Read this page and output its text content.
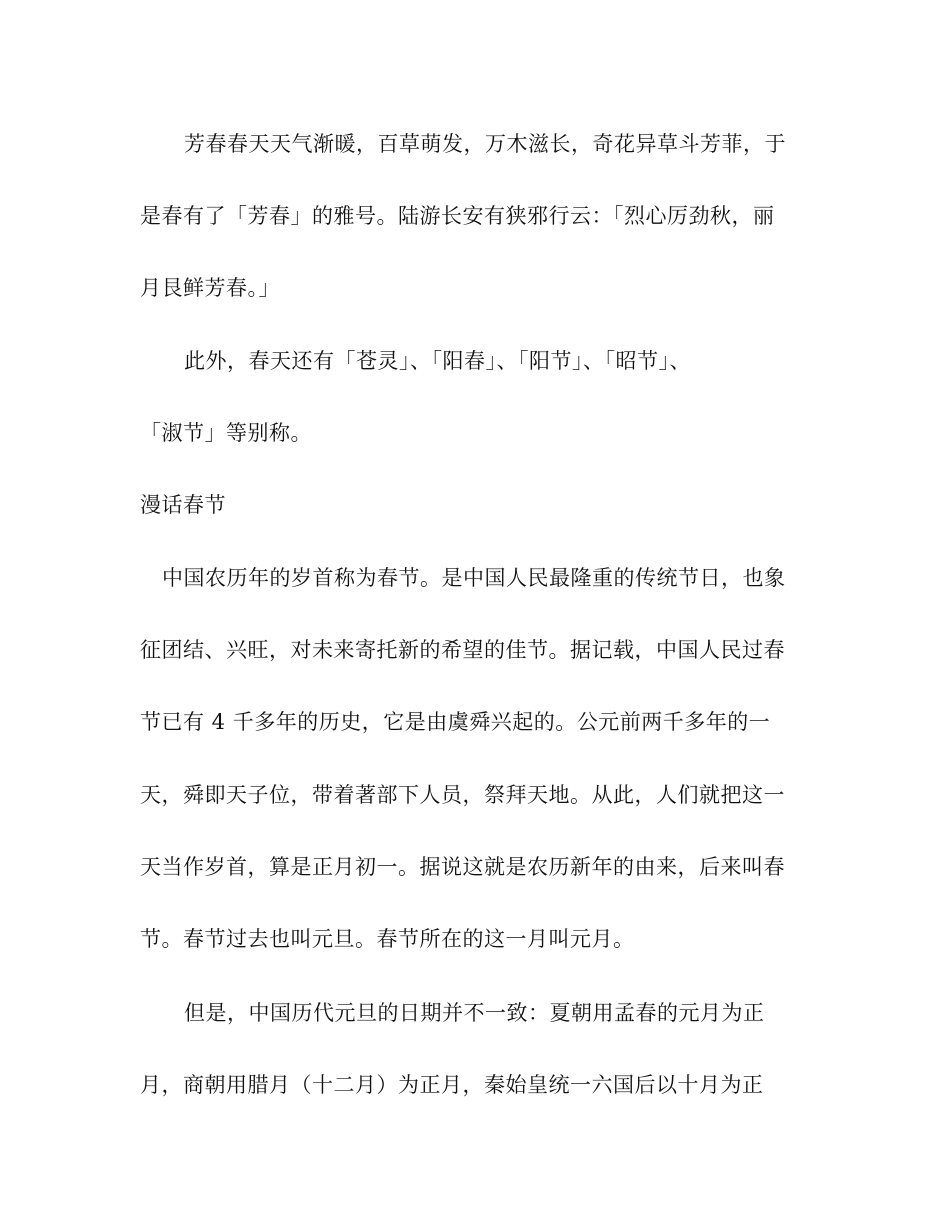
芳春春天天气渐暖，百草萌发，万木滋长，奇花异草斗芳菲，于
是春有了「芳春」的雅号。陆游长安有狭邪行云：「烈心厉劲秋，丽
月艮鲜芳春。」
此外，春天还有「苍灵」、「阳春」、「阳节」、「昭节」、
「淑节」等别称。
漫话春节
中国农历年的岁首称为春节。是中国人民最隆重的传统节日，也象
征团结、兴旺，对未来寄托新的希望的佳节。据记载，中国人民过春
节已有 4 千多年的历史，它是由虞舜兴起的。公元前两千多年的一
天，舜即天子位，带着著部下人员，祭拜天地。从此，人们就把这一
天当作岁首，算是正月初一。据说这就是农历新年的由来，后来叫春
节。春节过去也叫元旦。春节所在的这一月叫元月。
但是，中国历代元旦的日期并不一致：夏朝用孟春的元月为正
月，商朝用腊月（十二月）为正月，秦始皇统一六国后以十月为正
